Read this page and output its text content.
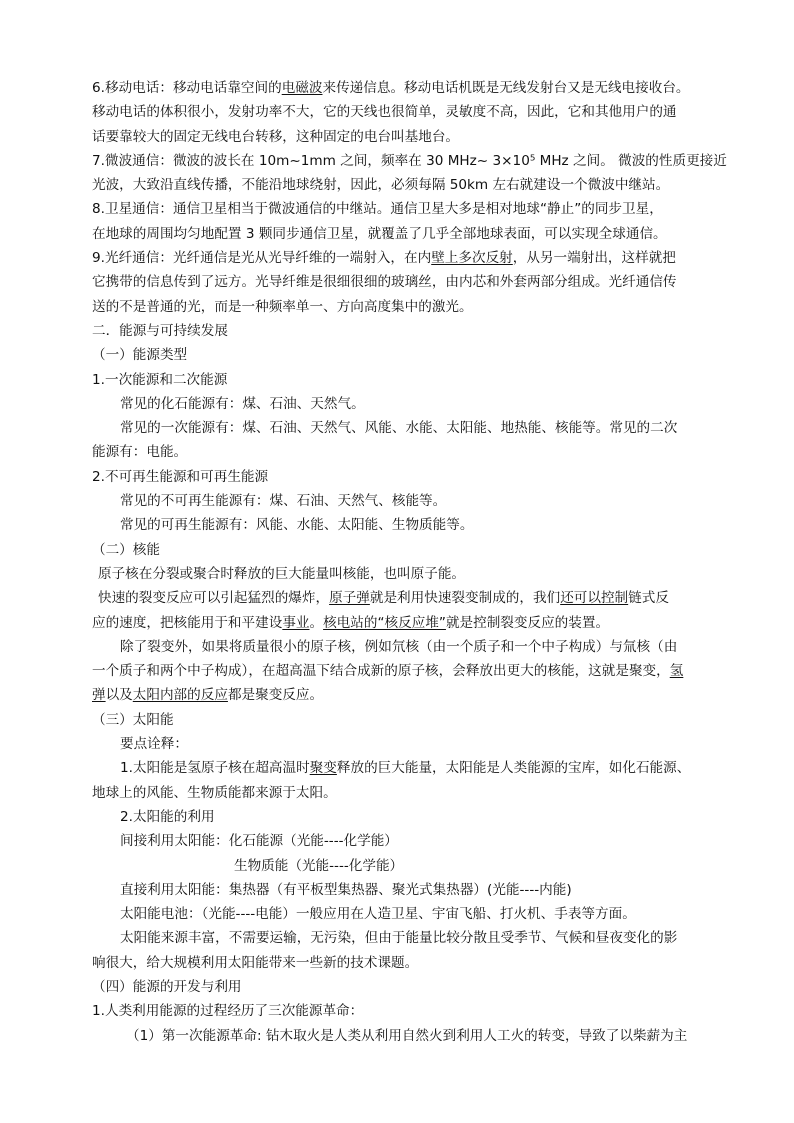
6.移动电话：移动电话靠空间的电磁波来传递信息。移动电话机既是无线发射台又是无线电接收台。
移动电话的体积很小，发射功率不大，它的天线也很简单，灵敏度不高，因此，它和其他用户的通
话要靠较大的固定无线电台转移，这种固定的电台叫基地台。
7.微波通信：微波的波长在 10m~1mm 之间，频率在 30 MHz~ 3×10⁵ MHz 之间。 微波的性质更接近
光波，大致沿直线传播，不能沿地球绕射，因此，必须每隔 50km 左右就建设一个微波中继站。
8.卫星通信：通信卫星相当于微波通信的中继站。通信卫星大多是相对地球“静止”的同步卫星，
在地球的周围均匀地配置 3 颗同步通信卫星，就覆盖了几乎全部地球表面，可以实现全球通信。
9.光纤通信：光纤通信是光从光导纤维的一端射入，在内壁上多次反射，从另一端射出，这样就把
它携带的信息传到了远方。光导纤维是很细很细的玻璃丝，由内芯和外套两部分组成。光纤通信传
送的不是普通的光，而是一种频率单一、方向高度集中的激光。
二．能源与可持续发展
（一）能源类型
1.一次能源和二次能源
常见的化石能源有：煤、石油、天然气。
常见的一次能源有：煤、石油、天然气、风能、水能、太阳能、地热能、核能等。常见的二次
能源有：电能。
2.不可再生能源和可再生能源
常见的不可再生能源有：煤、石油、天然气、核能等。
常见的可再生能源有：风能、水能、太阳能、生物质能等。
（二）核能
原子核在分裂或聚合时释放的巨大能量叫核能，也叫原子能。
快速的裂变反应可以引起猛烈的爆炸，原子弹就是利用快速裂变制成的，我们还可以控制链式反
应的速度，把核能用于和平建设事业。核电站的“核反应堆”就是控制裂变反应的装置。
除了裂变外，如果将质量很小的原子核，例如氘核（由一个质子和一个中子构成）与氚核（由
一个质子和两个中子构成），在超高温下结合成新的原子核，会释放出更大的核能，这就是聚变，氢
弹以及太阳内部的反应都是聚变反应。
（三）太阳能
要点诠释：
1.太阳能是氢原子核在超高温时聚变释放的巨大能量，太阳能是人类能源的宝库，如化石能源、
地球上的风能、生物质能都来源于太阳。
2.太阳能的利用
间接利用太阳能：化石能源（光能----化学能）
生物质能（光能----化学能）
直接利用太阳能：集热器（有平板型集热器、聚光式集热器）(光能----内能)
太阳能电池：（光能----电能）一般应用在人造卫星、宇宙飞船、打火机、手表等方面。
太阳能来源丰富，不需要运输，无污染，但由于能量比较分散且受季节、气候和昼夜变化的影
响很大，给大规模利用太阳能带来一些新的技术课题。
（四）能源的开发与利用
1.人类利用能源的过程经历了三次能源革命：
（1）第一次能源革命: 钻木取火是人类从利用自然火到利用人工火的转变，导致了以柴薪为主
